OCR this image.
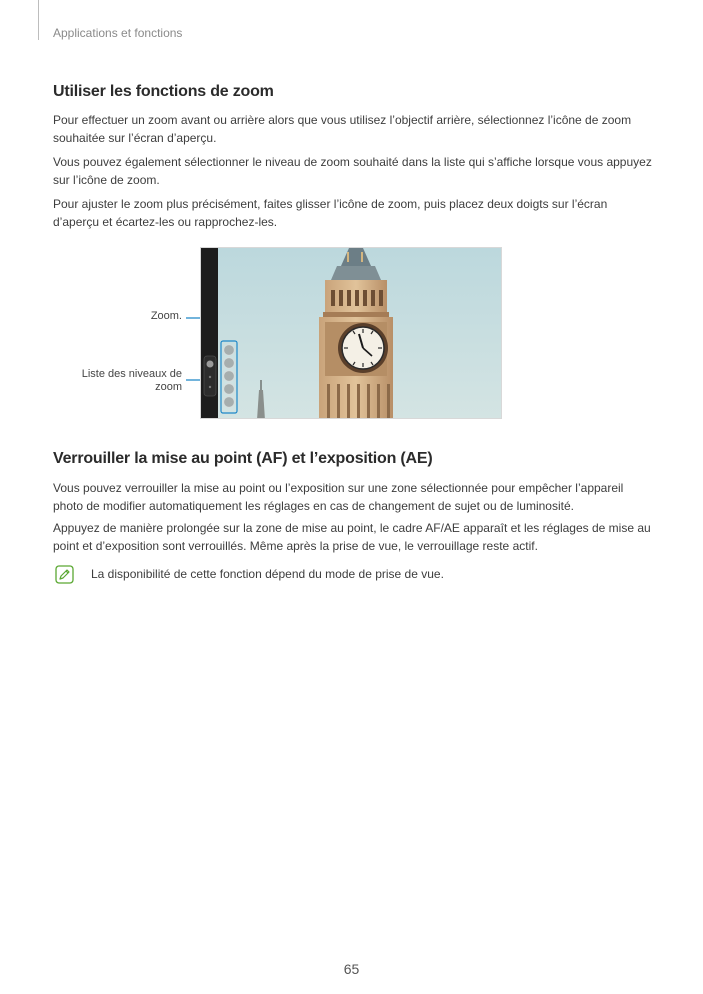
Applications et fonctions
Utiliser les fonctions de zoom

Pour effectuer un zoom avant ou arrière alors que vous utilisez l’objectif arrière, sélectionnez l’icône de zoom souhaitée sur l’écran d’aperçu.

Vous pouvez également sélectionner le niveau de zoom souhaité dans la liste qui s’affiche lorsque vous appuyez sur l’icône de zoom.

Pour ajuster le zoom plus précisément, faites glisser l’icône de zoom, puis placez deux doigts sur l’écran d’aperçu et écartez-les ou rapprochez-les.

Zoom.
Liste des niveaux de zoom
Verrouiller la mise au point (AF) et l’exposition (AE)

Vous pouvez verrouiller la mise au point ou l’exposition sur une zone sélectionnée pour empêcher l’appareil photo de modifier automatiquement les réglages en cas de changement de sujet ou de luminosité.

Appuyez de manière prolongée sur la zone de mise au point, le cadre AF/AE apparaît et les réglages de mise au point et d’exposition sont verrouillés. Même après la prise de vue, le verrouillage reste actif.

La disponibilité de cette fonction dépend du mode de prise de vue.
65
